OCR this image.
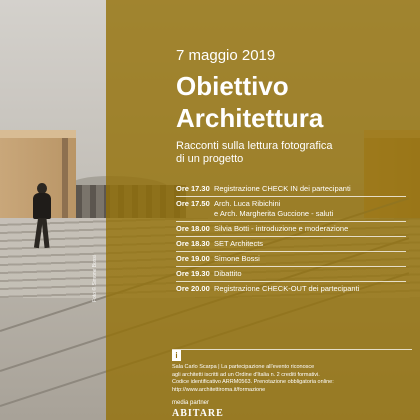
Foto © Simone Bossi
7 maggio 2019
Obiettivo
Architettura
Racconti sulla lettura fotografica
di un progetto
Ore 17.30 Registrazione CHECK IN dei partecipanti
Ore 17.50 Arch. Luca Ribichini
e Arch. Margherita Guccione - saluti
Ore 18.00 Silvia Botti - introduzione e moderazione
Ore 18.30 SET Architects
Ore 19.00 Simone Bossi
Ore 19.30 Dibattito
Ore 20.00 Registrazione CHECK-OUT dei partecipanti
i
Sala Carlo Scarpa | La partecipazione all'evento riconosce
agli architetti iscritti ad un Ordine d'Italia n. 2 crediti formativi.
Codice identificativo ARRM0563. Prenotazione obbligatoria online:
http://www.architettiroma.it/formazione
media partner
ABITARE
